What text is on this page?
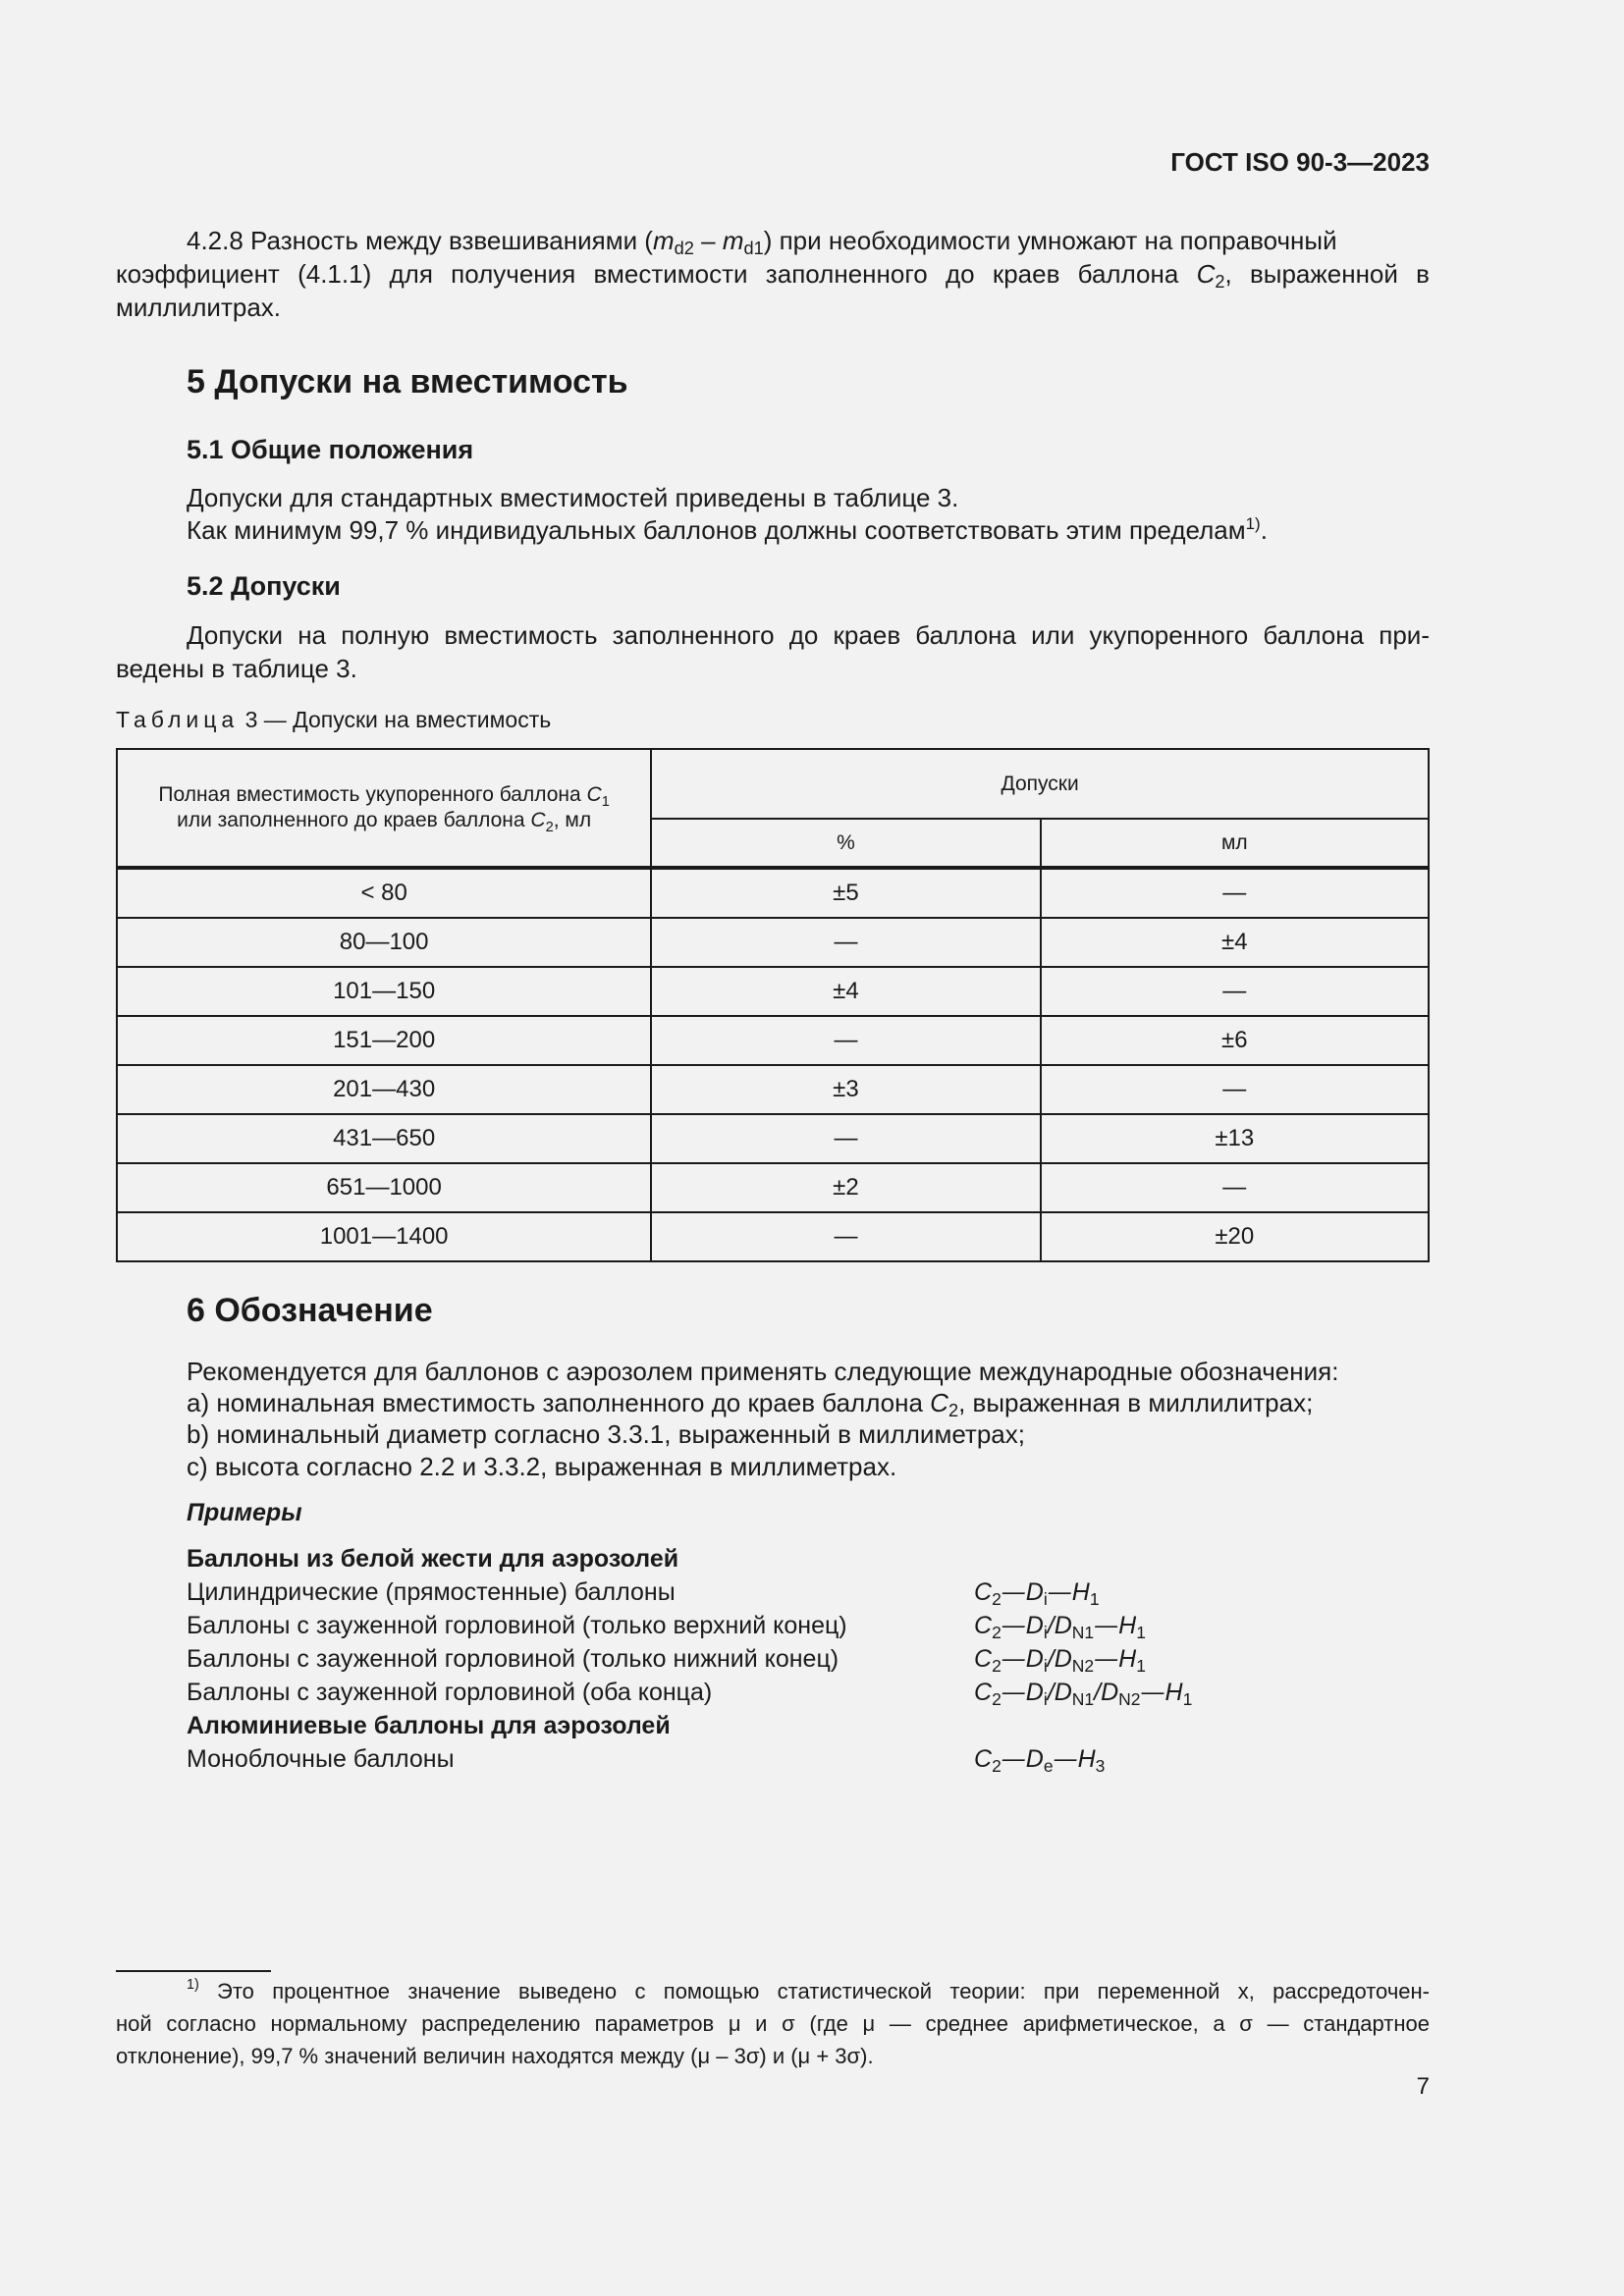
ГОСТ ISO 90-3—2023
4.2.8 Разность между взвешиваниями $(m_{d2} - m_{d1})$ при необходимости умножают на поправочный
коэффициент (4.1.1) для получения вместимости заполненного до краев баллона $C_2$, выраженной в
миллилитрах.
5 Допуски на вместимость
5.1 Общие положения
Допуски для стандартных вместимостей приведены в таблице 3.
Как минимум 99,7 % индивидуальных баллонов должны соответствовать этим пределам$^{1)}$.
5.2 Допуски
Допуски на полную вместимость заполненного до краев баллона или укупоренного баллона при-
ведены в таблице 3.
Таблица 3 — Допуски на вместимость
Полная вместимость укупоренного баллона $C_1$
или заполненного до краев баллона $C_2$, мл	Допуски	
	%	мл
< 80	±5	—
80—100	—	±4
101—150	±4	—
151—200	—	±6
201—430	±3	—
431—650	—	±13
651—1000	±2	—
1001—1400	—	±20
6 Обозначение
Рекомендуется для баллонов с аэрозолем применять следующие международные обозначения:
a) номинальная вместимость заполненного до краев баллона $C_2$, выраженная в миллилитрах;
b) номинальный диаметр согласно 3.3.1, выраженный в миллиметрах;
c) высота согласно 2.2 и 3.3.2, выраженная в миллиметрах.
Примеры
Баллоны из белой жести для аэрозолей
Цилиндрические (прямостенные) баллоны	$C_2—D_i—H_1$
Баллоны с зауженной горловиной (только верхний конец)	$C_2—D_i/D_{N1}—H_1$
Баллоны с зауженной горловиной (только нижний конец)	$C_2—D_i/D_{N2}—H_1$
Баллоны с зауженной горловиной (оба конца)	$C_2—D_i/D_{N1}/D_{N2}—H_1$
Алюминиевые баллоны для аэрозолей
Моноблочные баллоны	$C_2—D_e—H_3$
$^{1)}$ Это процентное значение выведено с помощью статистической теории: при переменной x, рассредоточен-
ной согласно нормальному распределению параметров μ и σ (где μ — среднее арифметическое, а σ — стандартное
отклонение), 99,7 % значений величин находятся между (μ – 3σ) и (μ + 3σ).
7
